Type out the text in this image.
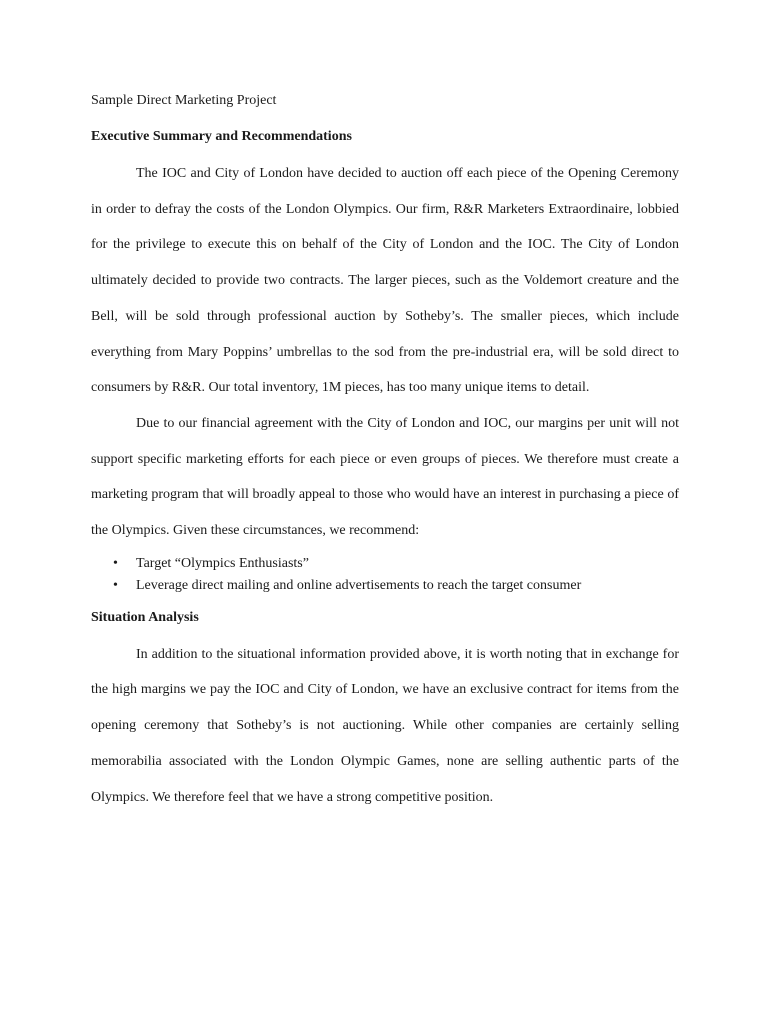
Sample Direct Marketing Project

Executive Summary and Recommendations

The IOC and City of London have decided to auction off each piece of the Opening Ceremony in order to defray the costs of the London Olympics. Our firm, R&R Marketers Extraordinaire, lobbied for the privilege to execute this on behalf of the City of London and the IOC. The City of London ultimately decided to provide two contracts. The larger pieces, such as the Voldemort creature and the Bell, will be sold through professional auction by Sotheby’s. The smaller pieces, which include everything from Mary Poppins’ umbrellas to the sod from the pre-industrial era, will be sold direct to consumers by R&R. Our total inventory, 1M pieces, has too many unique items to detail.

Due to our financial agreement with the City of London and IOC, our margins per unit will not support specific marketing efforts for each piece or even groups of pieces. We therefore must create a marketing program that will broadly appeal to those who would have an interest in purchasing a piece of the Olympics. Given these circumstances, we recommend:

• Target “Olympics Enthusiasts”
• Leverage direct mailing and online advertisements to reach the target consumer

Situation Analysis

In addition to the situational information provided above, it is worth noting that in exchange for the high margins we pay the IOC and City of London, we have an exclusive contract for items from the opening ceremony that Sotheby’s is not auctioning. While other companies are certainly selling memorabilia associated with the London Olympic Games, none are selling authentic parts of the Olympics. We therefore feel that we have a strong competitive position.
